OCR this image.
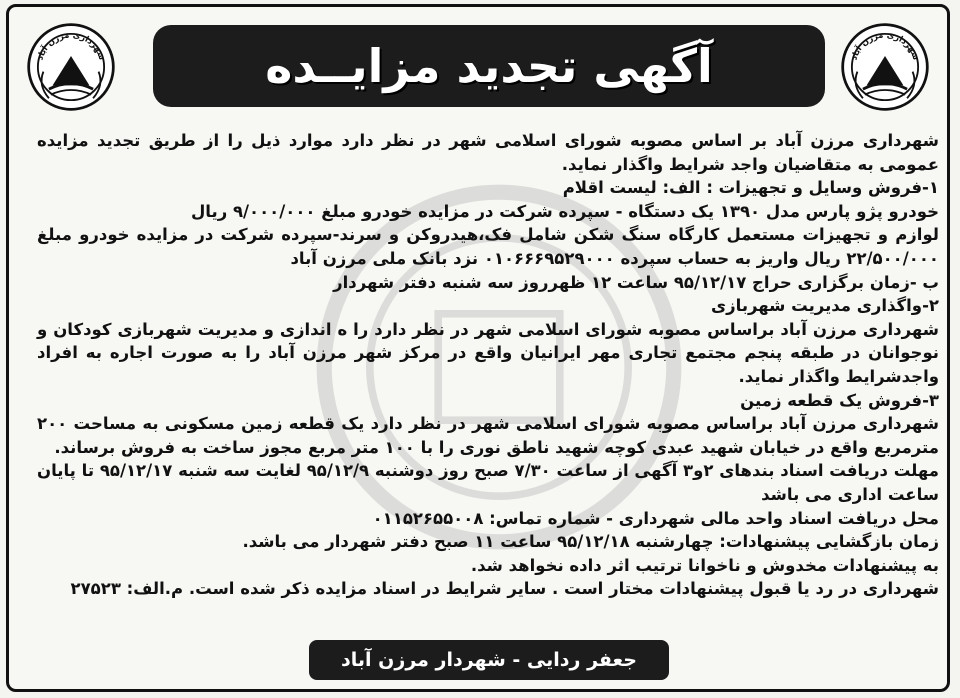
شهرداری مرزن آباد	شهرداری مرزن آباد
آگهی تجدید مزایــده

شهرداری مرزن آباد بر اساس مصوبه شورای اسلامی شهر در نظر دارد موارد ذیل را از طریق تجدید مزایده عمومی به متقاضیان واجد شرایط واگذار نماید.

۱-فروش وسایل و تجهیزات : الف: لیست اقلام

خودرو پژو پارس مدل ۱۳۹۰ یک دستگاه - سپرده شرکت در مزایده خودرو مبلغ ۹/۰۰۰/۰۰۰ ریال

لوازم و تجهیزات مستعمل کارگاه سنگ شکن شامل فک،هیدروکن و سرند-سپرده شرکت در مزایده خودرو مبلغ ۲۲/۵۰۰/۰۰۰ ریال واریز به حساب سپرده ۰۱۰۶۶۶۹۵۲۹۰۰۰ نزد بانک ملی مرزن آباد

ب -زمان برگزاری حراج ۹۵/۱۲/۱۷ ساعت ۱۲ ظهرروز سه شنبه دفتر شهردار

۲-واگذاری مدیریت شهربازی

شهرداری مرزن آباد براساس مصوبه شورای اسلامی شهر در نظر دارد را ه اندازی و مدیریت شهربازی کودکان و نوجوانان در طبقه پنجم مجتمع تجاری مهر ایرانیان واقع در مرکز شهر مرزن آباد را به صورت اجاره به افراد واجدشرایط واگذار نماید.

۳-فروش یک قطعه زمین

شهرداری مرزن آباد براساس مصوبه شورای اسلامی شهر در نظر دارد یک قطعه زمین مسکونی به مساحت ۲۰۰ مترمربع واقع در خیابان شهید عبدی کوچه شهید ناطق نوری را با ۱۰۰ متر مربع مجوز ساخت به فروش برساند.

مهلت دریافت اسناد بندهای ۲و۳ آگهی از ساعت ۷/۳۰ صبح روز دوشنبه ۹۵/۱۲/۹ لغایت سه شنبه ۹۵/۱۲/۱۷ تا پایان ساعت اداری می باشد

محل دریافت اسناد واحد مالی شهرداری - شماره تماس: ۰۱۱۵۲۶۵۵۰۰۸

زمان بازگشایی پیشنهادات: چهارشنبه ۹۵/۱۲/۱۸ ساعت ۱۱ صبح دفتر شهردار می باشد.

به پیشنهادات مخدوش و ناخوانا ترتیب اثر داده نخواهد شد.

شهرداری در رد یا قبول پیشنهادات مختار است . سایر شرایط در اسناد مزایده ذکر شده است. م.الف: ۲۷۵۲۳

جعفر ردایی - شهردار مرزن آباد
